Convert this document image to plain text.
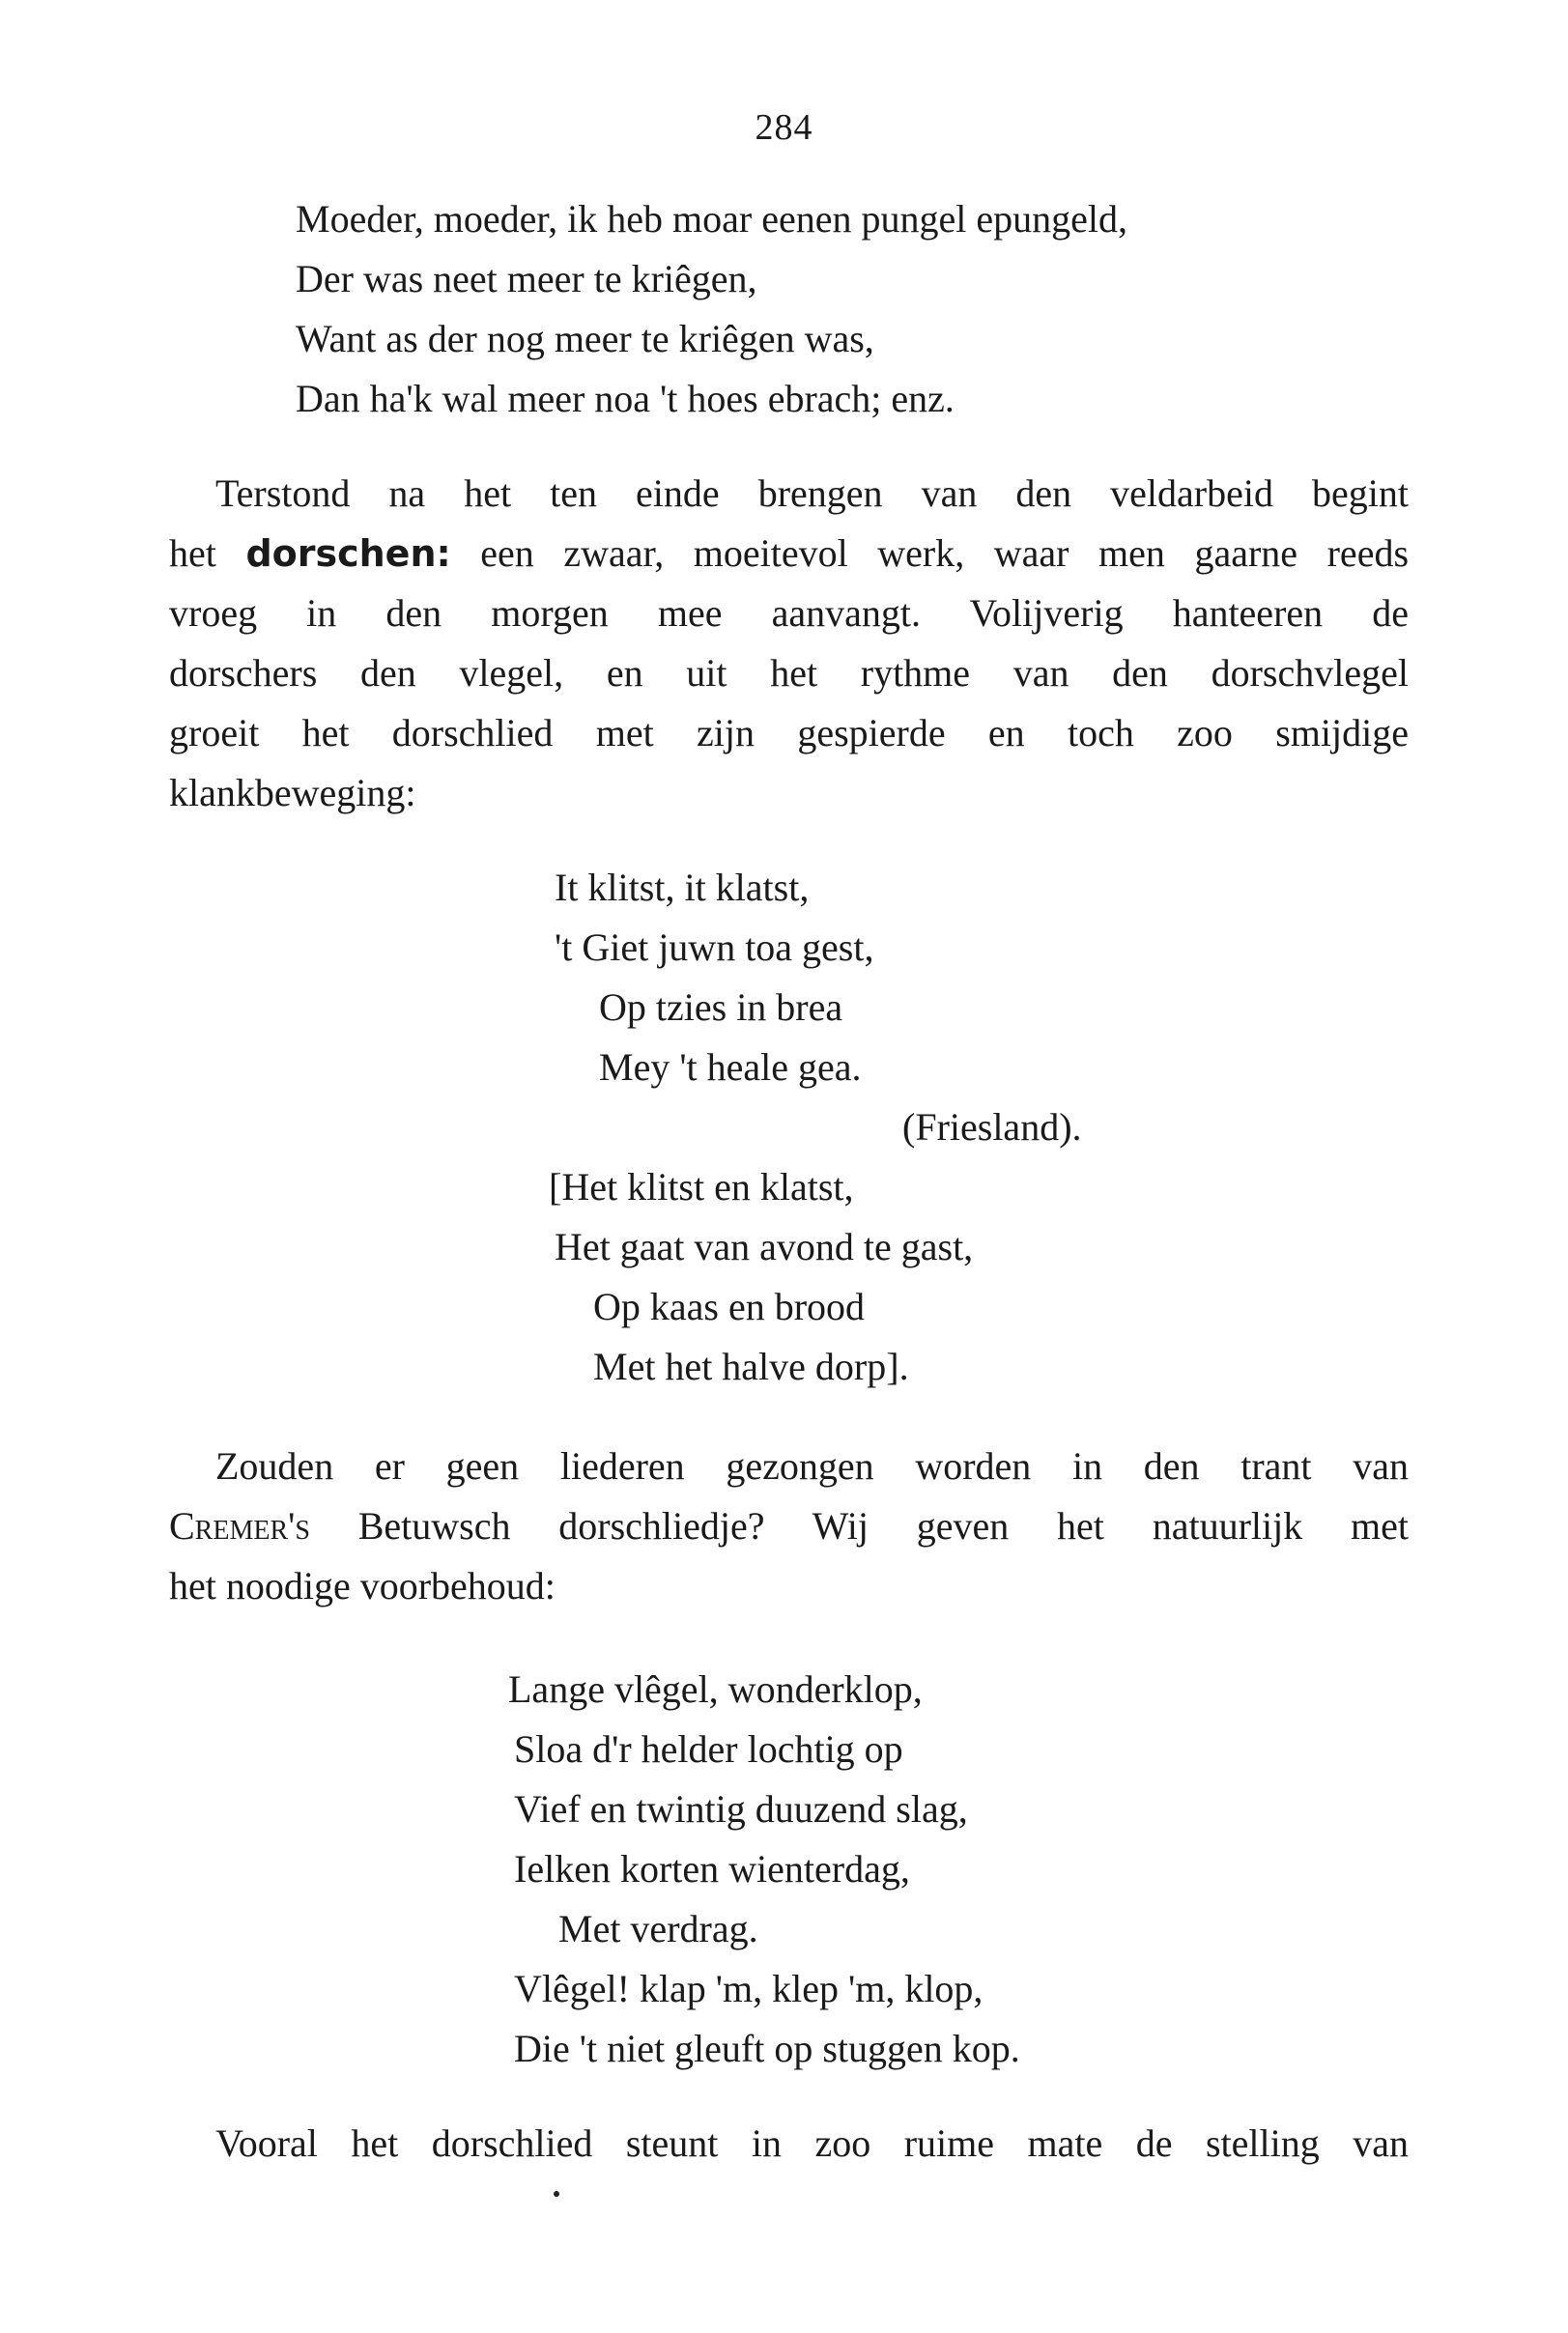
284
Moeder, moeder, ik heb moar eenen pungel epungeld,
Der was neet meer te kriêgen,
Want as der nog meer te kriêgen was,
Dan ha'k wal meer noa 't hoes ebrach; enz.
Terstond na het ten einde brengen van den veldarbeid begint
het dorschen: een zwaar, moeitevol werk, waar men gaarne reeds
vroeg in den morgen mee aanvangt. Volijverig hanteeren de
dorschers den vlegel, en uit het rythme van den dorschvlegel
groeit het dorschlied met zijn gespierde en toch zoo smijdige
klankbeweging:
It klitst, it klatst,
't Giet juwn toa gest,
Op tzies in brea
Mey 't heale gea.
(Friesland).
[Het klitst en klatst,
Het gaat van avond te gast,
Op kaas en brood
Met het halve dorp].
Zouden er geen liederen gezongen worden in den trant van
Cremer's Betuwsch dorschliedje? Wij geven het natuurlijk met
het noodige voorbehoud:
Lange vlêgel, wonderklop,
Sloa d'r helder lochtig op
Vief en twintig duuzend slag,
Ielken korten wienterdag,
Met verdrag.
Vlêgel! klap 'm, klep 'm, klop,
Die 't niet gleuft op stuggen kop.
Vooral het dorschlied steunt in zoo ruime mate de stelling van
